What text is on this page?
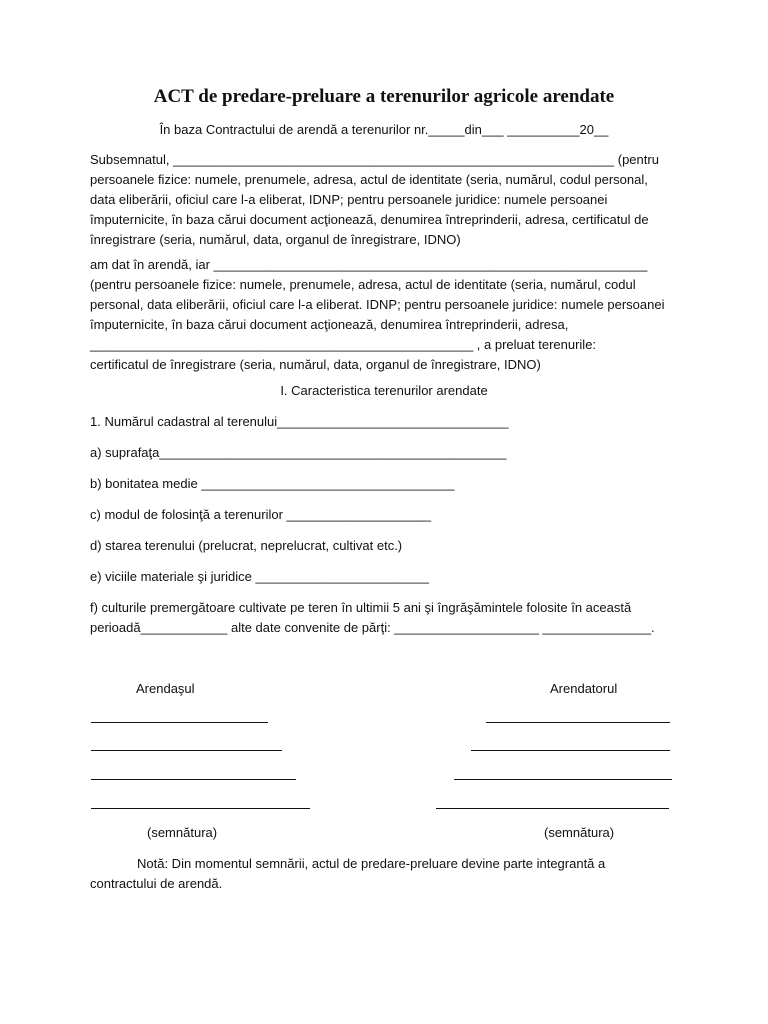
ACT de predare-preluare a terenurilor agricole arendate

În baza Contractului de arendă a terenurilor nr._____din___ __________20__

Subsemnatul, _____________________________________________________________ (pentru
persoanele fizice: numele, prenumele, adresa, actul de identitate (seria, numărul, codul personal,
data eliberării, oficiul care l-a eliberat, IDNP; pentru persoanele juridice: numele persoanei
împuternicite, în baza cărui document acţionează, denumirea întreprinderii, adresa, certificatul de
înregistrare (seria, numărul, data, organul de înregistrare, IDNO)
am dat în arendă, iar ____________________________________________________________
(pentru persoanele fizice: numele, prenumele, adresa, actul de identitate (seria, numărul, codul
personal, data eliberării, oficiul care l-a eliberat. IDNP; pentru persoanele juridice: numele persoanei
împuternicite, în baza cărui document acţionează, denumirea întreprinderii, adresa,
_____________________________________________________ , a preluat terenurile:
certificatul de înregistrare (seria, numărul, data, organul de înregistrare, IDNO)

I. Caracteristica terenurilor arendate

1. Numărul cadastral al terenului________________________________

a) suprafaţa________________________________________________

b) bonitatea medie ___________________________________

c) modul de folosinţă a terenurilor ____________________

d) starea terenului (prelucrat, neprelucrat, cultivat etc.)

e) viciile materiale şi juridice ________________________

f) culturile premergătoare cultivate pe teren în ultimii 5 ani şi îngrăşămintele folosite în această
perioadă____________ alte date convenite de părţi: ____________________ _______________.

Arendaşul	Arendatorul

(semnătura)	(semnătura)

Notă: Din momentul semnării, actul de predare-preluare devine parte integrantă a
contractului de arendă.
